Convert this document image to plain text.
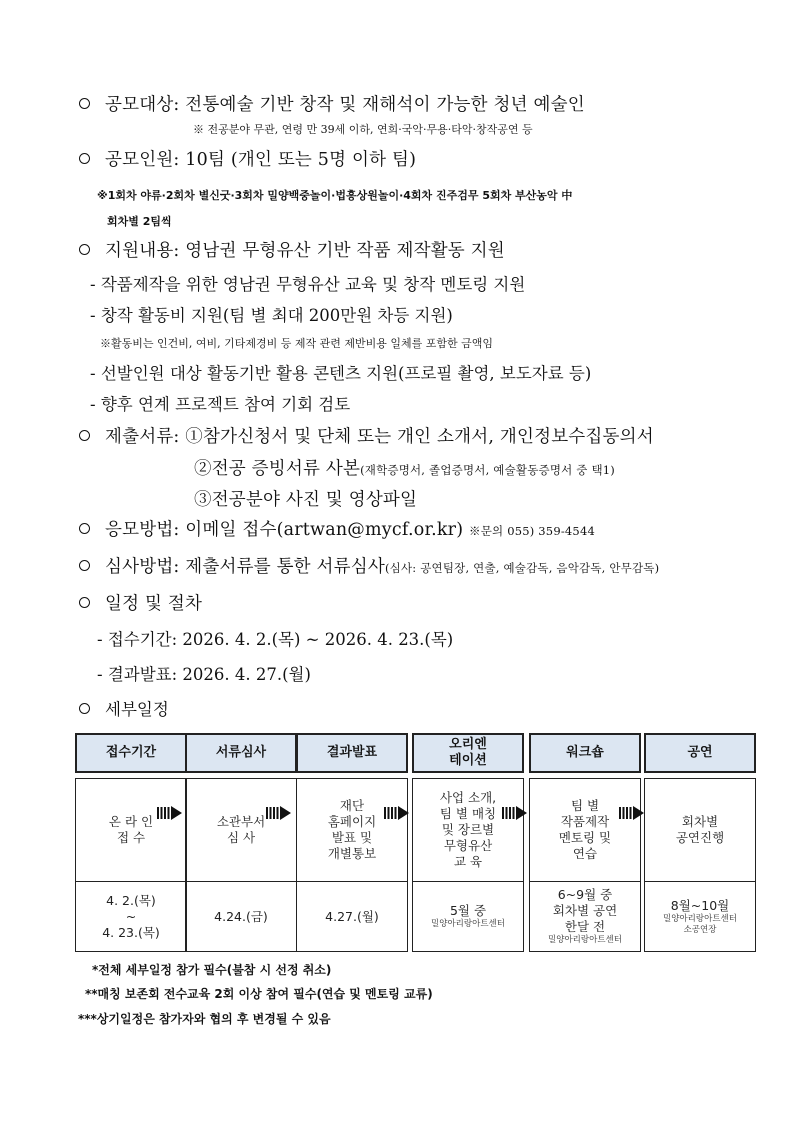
공모대상: 전통예술 기반 창작 및 재해석이 가능한 청년 예술인
※ 전공분야 무관, 연령 만 39세 이하, 연희·국악·무용·타악·창작공연 등
공모인원: 10팀 (개인 또는 5명 이하 팀)
※1회차 야류·2회차 별신굿·3회차 밀양백중놀이·법흥상원놀이·4회차 진주검무 5회차 부산농악 中
회차별 2팀씩
지원내용: 영남권 무형유산 기반 작품 제작활동 지원
- 작품제작을 위한 영남권 무형유산 교육 및 창작 멘토링 지원
- 창작 활동비 지원(팀 별 최대 200만원 차등 지원)
※활동비는 인건비, 여비, 기타제경비 등 제작 관련 제반비용 일체를 포함한 금액임
- 선발인원 대상 활동기반 활용 콘텐츠 지원(프로필 촬영, 보도자료 등)
- 향후 연계 프로젝트 참여 기회 검토
제출서류: ①참가신청서 및 단체 또는 개인 소개서, 개인정보수집동의서
②전공 증빙서류 사본(재학증명서, 졸업증명서, 예술활동증명서 중 택1)
③전공분야 사진 및 영상파일
응모방법: 이메일 접수(artwan@mycf.or.kr) ※문의 055) 359-4544
심사방법: 제출서류를 통한 서류심사(심사: 공연팀장, 연출, 예술감독, 음악감독, 안무감독)
일정 및 절차
- 접수기간: 2026. 4. 2.(목) ~ 2026. 4. 23.(목)
- 결과발표: 2026. 4. 27.(월)
세부일정
접수기간
온 라 인
접 수
4. 2.(목)
~
4. 23.(목)
서류심사
소관부서
심 사
4.24.(금)
결과발표
재단
홈페이지
발표 및
개별통보
4.27.(월)
오리엔
테이션
사업 소개,
팀 별 매칭
및 장르별
무형유산
교 육
5월 중
밀양아리랑아트센터
워크숍
팀 별
작품제작
멘토링 및
연습
6~9월 중
회차별 공연
한달 전
밀양아리랑아트센터
공연
회차별
공연진행
8월~10월
밀양아리랑아트센터
소공연장
*전체 세부일정 참가 필수(불참 시 선정 취소)
**매칭 보존회 전수교육 2회 이상 참여 필수(연습 및 멘토링 교류)
***상기일정은 참가자와 협의 후 변경될 수 있음
